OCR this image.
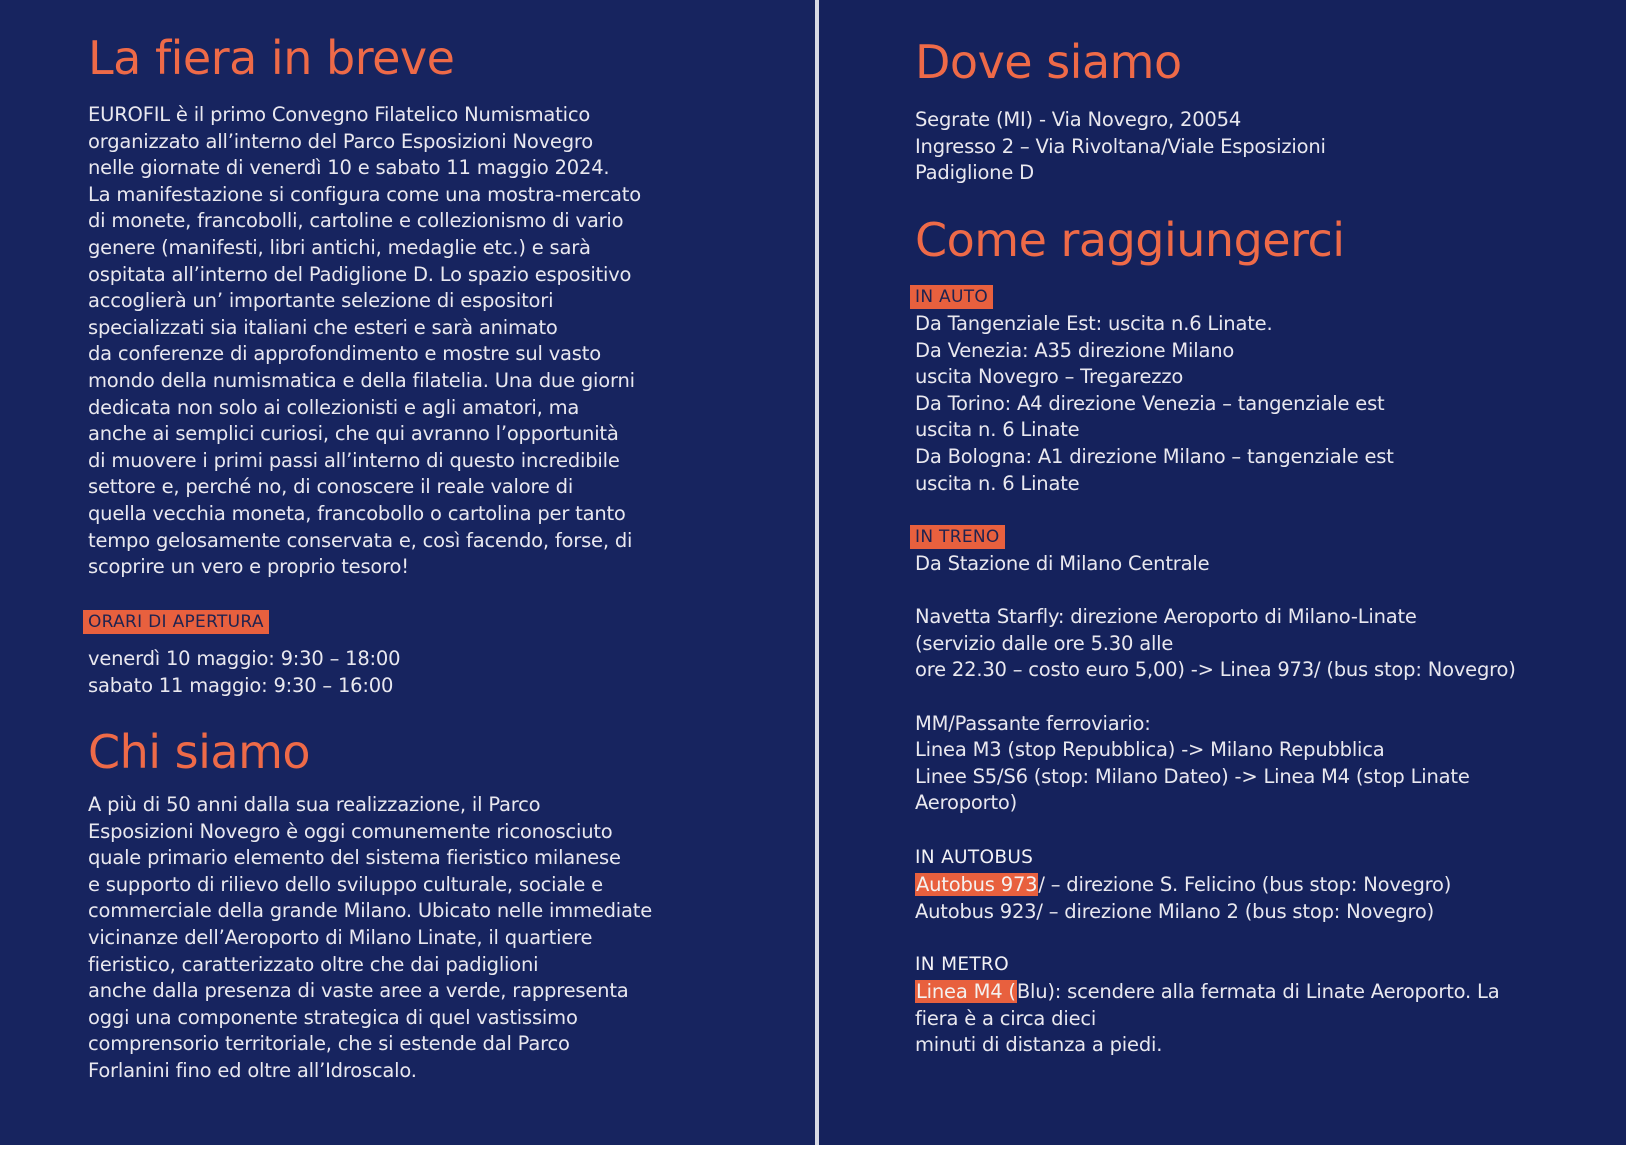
La fiera in breve
EUROFIL è il primo Convegno Filatelico Numismatico
organizzato all’interno del Parco Esposizioni Novegro
nelle giornate di venerdì 10 e sabato 11 maggio 2024.
La manifestazione si configura come una mostra-mercato
di monete, francobolli, cartoline e collezionismo di vario
genere (manifesti, libri antichi, medaglie etc.) e sarà
ospitata all’interno del Padiglione D. Lo spazio espositivo
accoglierà un’ importante selezione di espositori
specializzati sia italiani che esteri e sarà animato
da conferenze di approfondimento e mostre sul vasto
mondo della numismatica e della filatelia. Una due giorni
dedicata non solo ai collezionisti e agli amatori, ma
anche ai semplici curiosi, che qui avranno l’opportunità
di muovere i primi passi all’interno di questo incredibile
settore e, perché no, di conoscere il reale valore di
quella vecchia moneta, francobollo o cartolina per tanto
tempo gelosamente conservata e, così facendo, forse, di
scoprire un vero e proprio tesoro!
ORARI DI APERTURA
venerdì 10 maggio: 9:30 – 18:00
sabato 11 maggio: 9:30 – 16:00
Chi siamo
A più di 50 anni dalla sua realizzazione, il Parco
Esposizioni Novegro è oggi comunemente riconosciuto
quale primario elemento del sistema fieristico milanese
e supporto di rilievo dello sviluppo culturale, sociale e
commerciale della grande Milano. Ubicato nelle immediate
vicinanze dell’Aeroporto di Milano Linate, il quartiere
fieristico, caratterizzato oltre che dai padiglioni
anche dalla presenza di vaste aree a verde, rappresenta
oggi una componente strategica di quel vastissimo
comprensorio territoriale, che si estende dal Parco
Forlanini fino ed oltre all’Idroscalo.
Dove siamo
Segrate (MI) - Via Novegro, 20054
Ingresso 2 – Via Rivoltana/Viale Esposizioni
Padiglione D
Come raggiungerci
IN AUTO
Da Tangenziale Est: uscita n.6 Linate.
Da Venezia: A35 direzione Milano
uscita Novegro – Tregarezzo
Da Torino: A4 direzione Venezia – tangenziale est
uscita n. 6 Linate
Da Bologna: A1 direzione Milano – tangenziale est
uscita n. 6 Linate
IN TRENO
Da Stazione di Milano Centrale
Navetta Starfly: direzione Aeroporto di Milano-Linate
(servizio dalle ore 5.30 alle
ore 22.30 – costo euro 5,00) -> Linea 973/ (bus stop: Novegro)
MM/Passante ferroviario:
Linea M3 (stop Repubblica) -> Milano Repubblica
Linee S5/S6 (stop: Milano Dateo) -> Linea M4 (stop Linate
Aeroporto)
IN AUTOBUS
Autobus 973/ – direzione S. Felicino (bus stop: Novegro)
Autobus 923/ – direzione Milano 2 (bus stop: Novegro)
IN METRO
Linea M4 (Blu): scendere alla fermata di Linate Aeroporto. La
fiera è a circa dieci
minuti di distanza a piedi.
